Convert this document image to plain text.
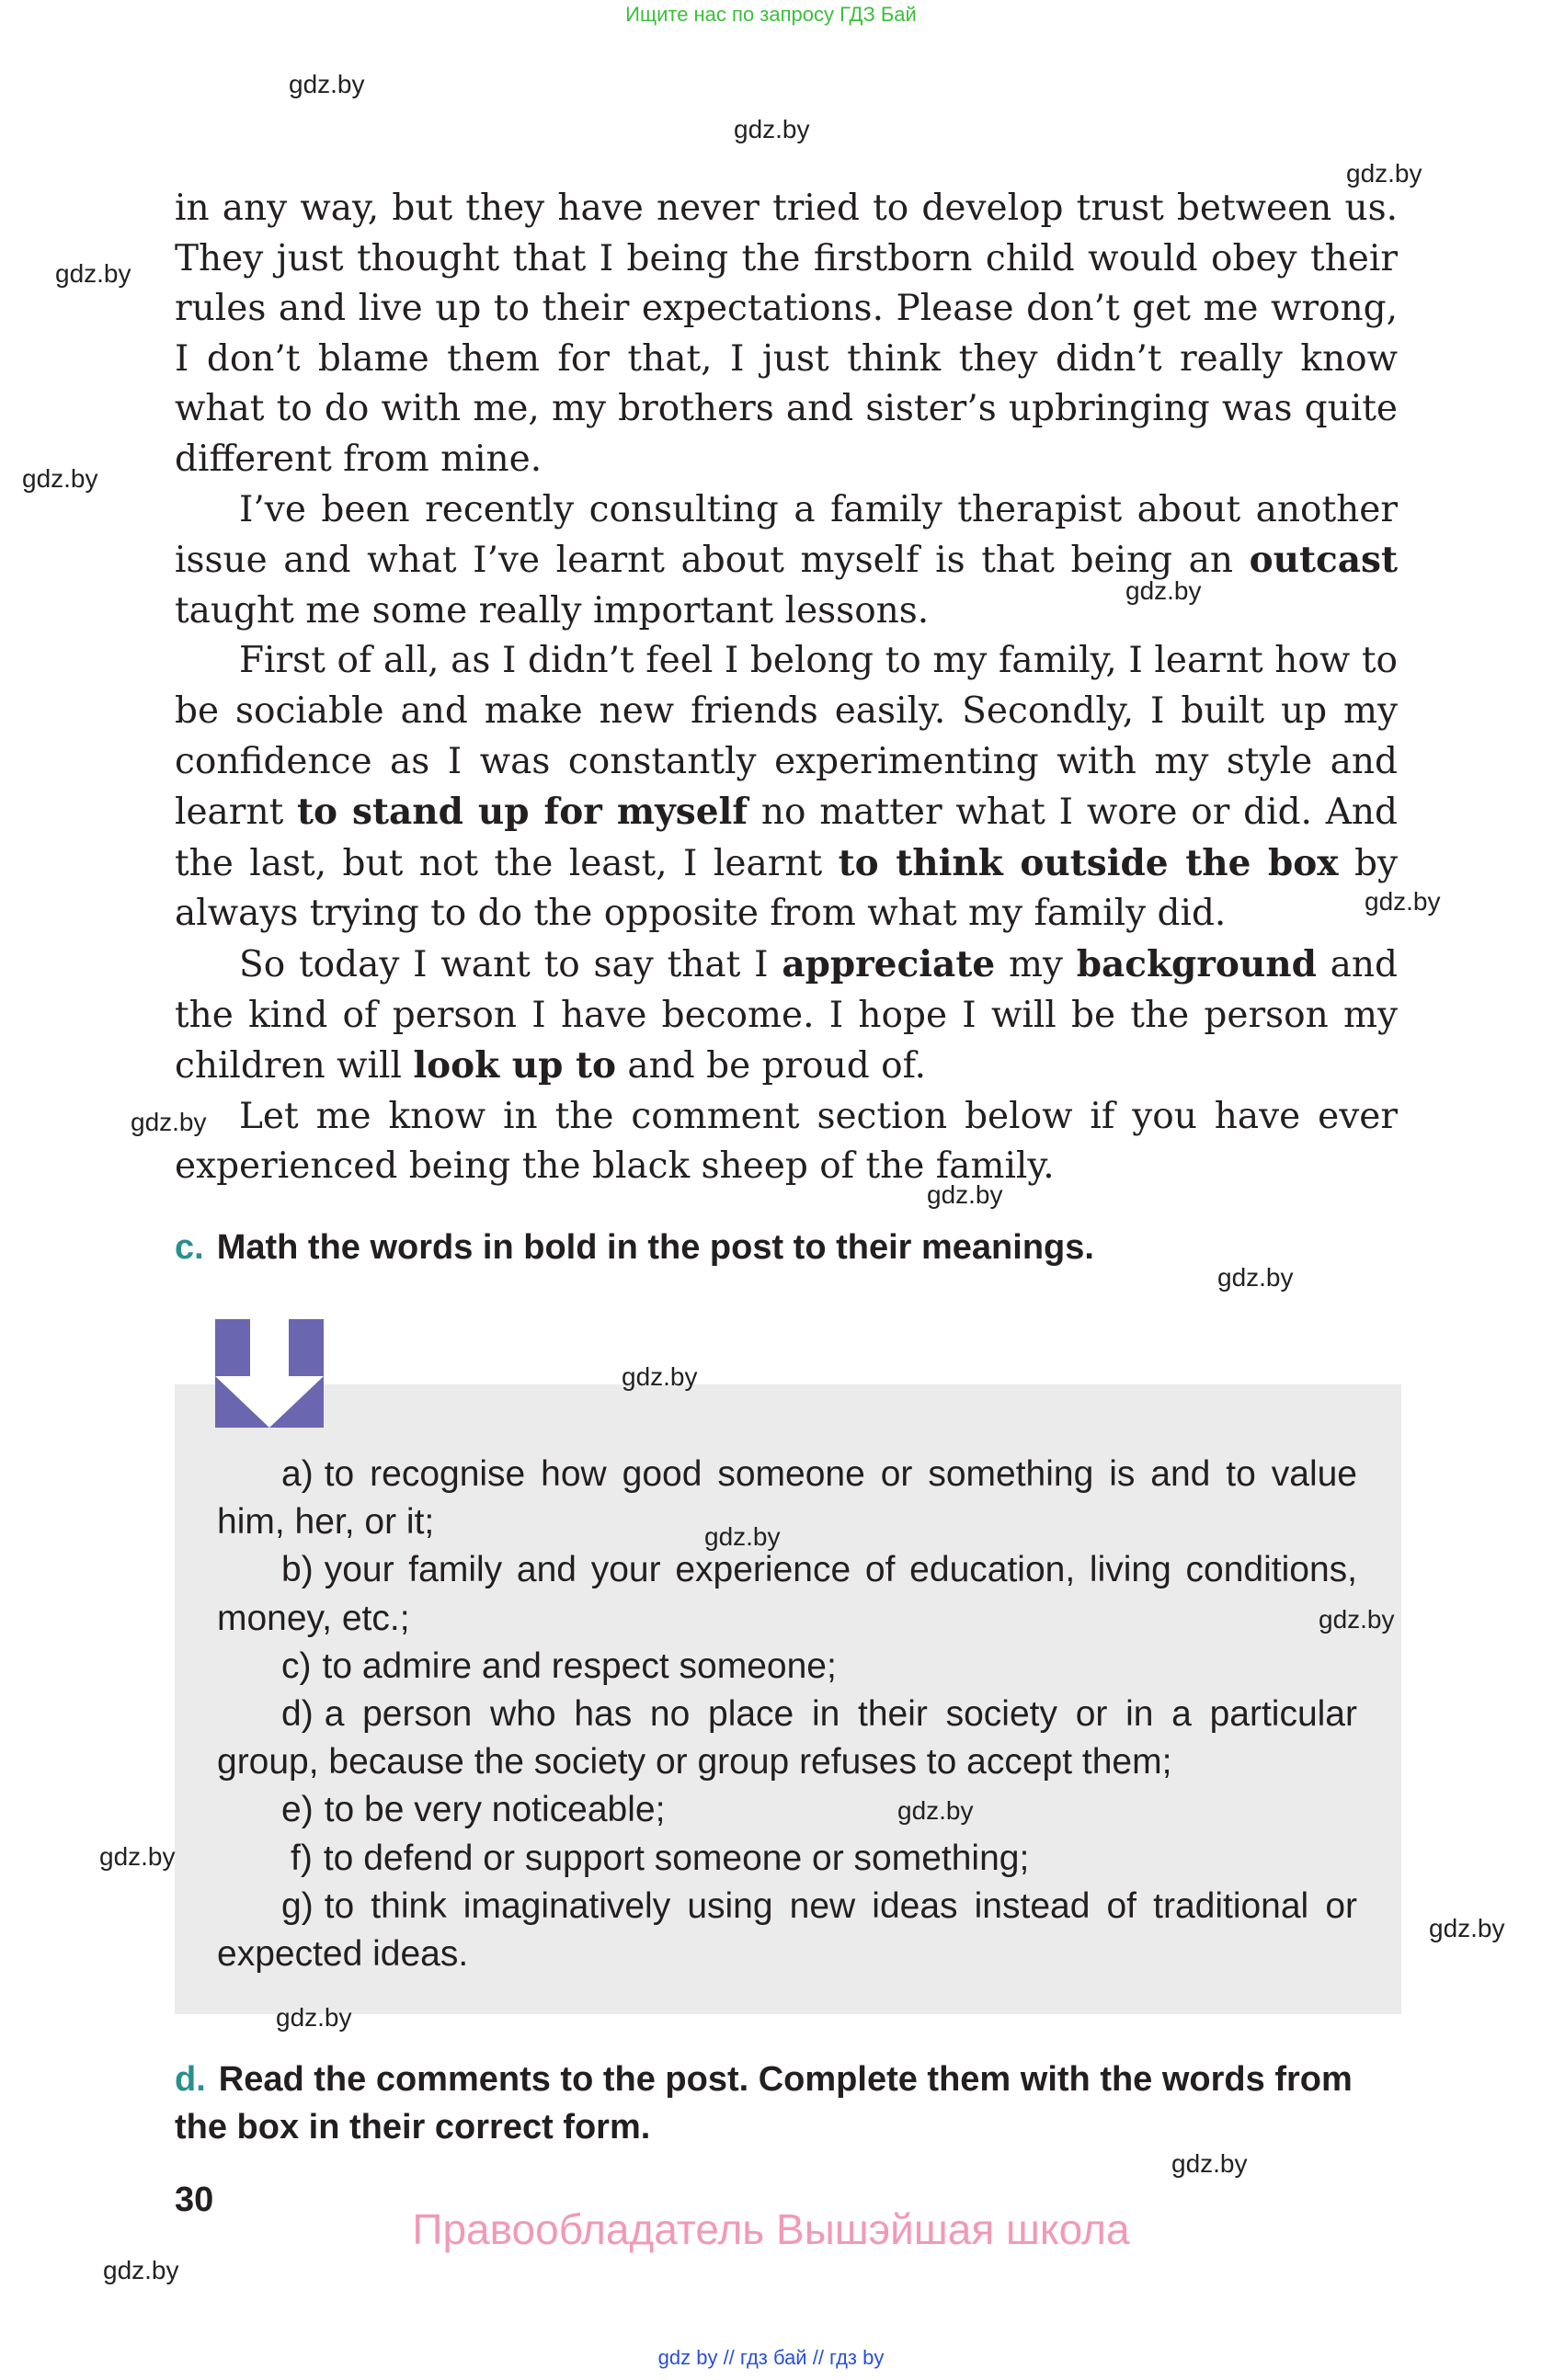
Ищите нас по запросу ГДЗ Бай
gdz.by
gdz.by
gdz.by
gdz.by
gdz.by
gdz.by
gdz.by
gdz.by
gdz.by
gdz.by

in any way, but they have never tried to develop trust between us. They just thought that I being the firstborn child would obey their rules and live up to their expectations. Please don’t get me wrong, I don’t blame them for that, I just think they didn’t really know what to do with me, my brothers and sister’s upbringing was quite different from mine.

I’ve been recently consulting a family therapist about another issue and what I’ve learnt about myself is that being an outcast taught me some really important lessons.

First of all, as I didn’t feel I belong to my family, I learnt how to be sociable and make new friends easily. Secondly, I built up my confidence as I was constantly experimenting with my style and learnt to stand up for myself no matter what I wore or did. And the last, but not the least, I learnt to think outside the box by always trying to do the opposite from what my family did.

So today I want to say that I appreciate my background and the kind of person I have become. I hope I will be the person my children will look up to and be proud of.

Let me know in the comment section below if you have ever experienced being the black sheep of the family.

c. Math the words in bold in the post to their meanings.
gdz.by

a) to recognise how good someone or something is and to value him, her, or it;

b) your family and your experience of education, living conditions, money, etc.;

c) to admire and respect someone;

d) a person who has no place in their society or in a particular group, because the society or group refuses to accept them;

e) to be very noticeable;

f) to defend or support someone or something;

g) to think imaginatively using new ideas instead of traditional or expected ideas.

gdz.by
gdz.by
gdz.by
gdz.by
gdz.by
gdz.by
d. Read the comments to the post. Complete them with the words from the box in their correct form.
gdz.by
30
Правообладатель Вышэйшая школа
gdz.by
gdz by // гдз бай // гдз by
